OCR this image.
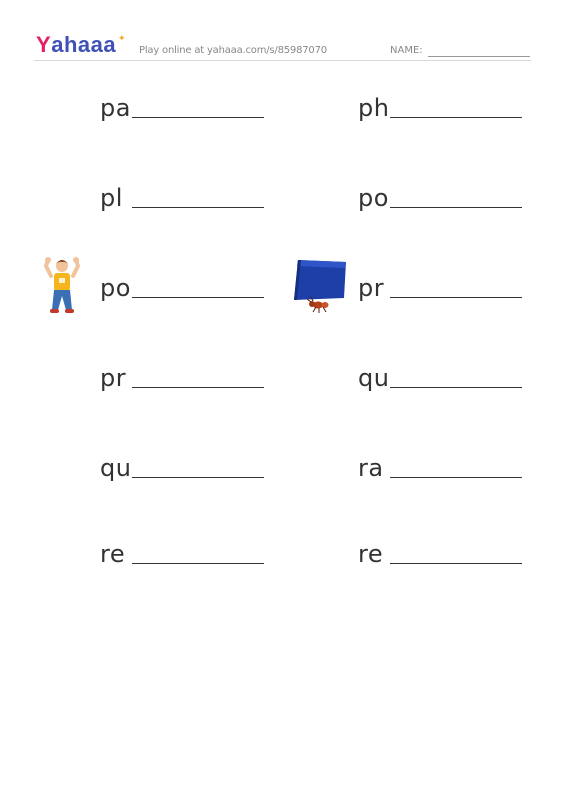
Yahaaa ✦
Play online at yahaaa.com/s/85987070	NAME:
pa	ph
pl	po
po	pr
pr	qu
qu	ra
re	re
